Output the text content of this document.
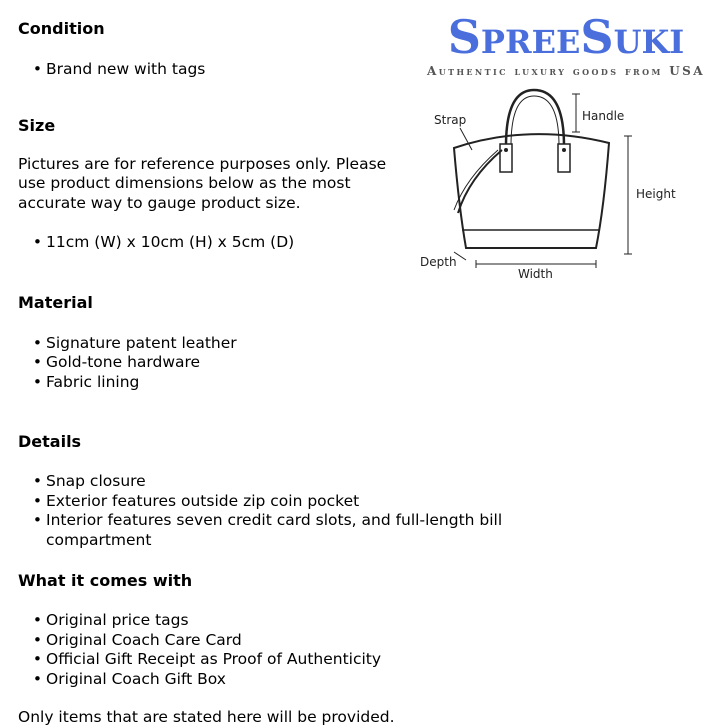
SpreeSuki
Authentic luxury goods from USA
Strap	Handle
Height
Depth
Width
Condition
• Brand new with tags
Size

Pictures are for reference purposes only. Please use product dimensions below as the most accurate way to gauge product size.

• 11cm (W) x 10cm (H) x 5cm (D)
Material
• Signature patent leather
• Gold-tone hardware
• Fabric lining
Details
• Snap closure
• Exterior features outside zip coin pocket
• Interior features seven credit card slots, and full-length bill compartment
What it comes with
• Original price tags
• Original Coach Care Card
• Official Gift Receipt as Proof of Authenticity
• Original Coach Gift Box

Only items that are stated here will be provided.
